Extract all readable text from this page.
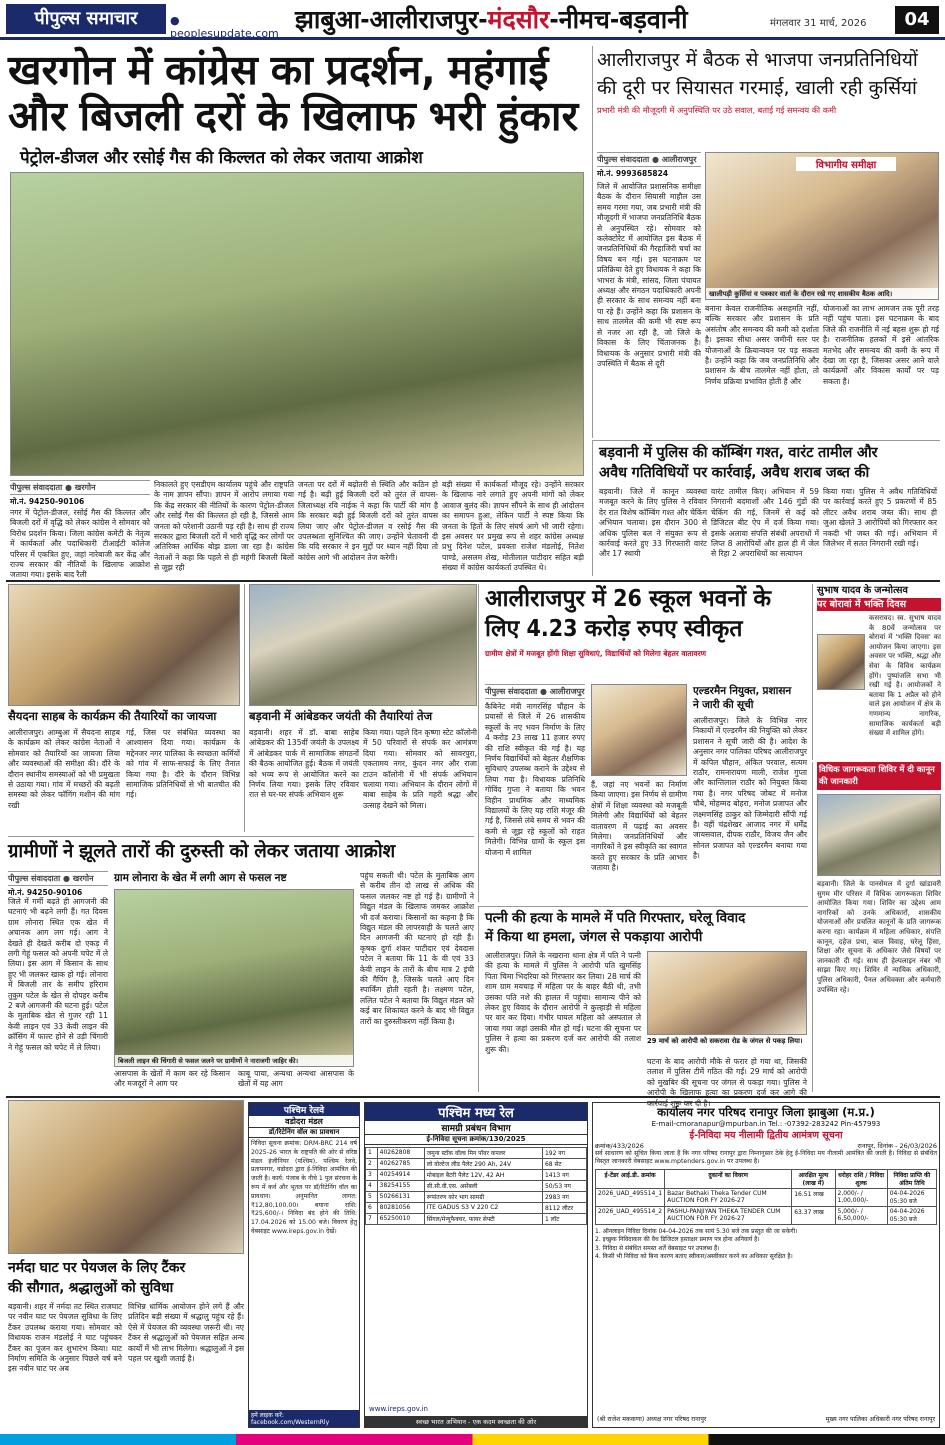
पीपुल्स समाचार	● peoplesupdate.com झाबुआ-आलीराजपुर-मंदसौर-नीमच-बड़वानी	मंगलवार 31 मार्च, 2026	04
खरगोन में कांग्रेस का प्रदर्शन, महंगाई
और बिजली दरों के खिलाफ भरी हुंकार
पेट्रोल-डीजल और रसोई गैस की किल्लत को लेकर जताया आक्रोश
पीपुल्स संवाददाता ● खरगोन
मो.नं. 94250-90106
नगर में पेट्रोल-डीजल, रसोई गैस की किल्लत और बिजली दरों में वृद्धि को लेकर कांग्रेस ने सोमवार को विरोध प्रदर्शन किया। जिला कांग्रेस कमेटी के नेतृत्व में कार्यकर्ता और पदाधिकारी टीआईटी कॉलेज परिसर में एकत्रित हुए, जहां नारेबाजी कर केंद्र और राज्य सरकार की नीतियों के खिलाफ आक्रोश जताया गया। इसके बाद रैली
निकालते हुए एसडीएम कार्यालय पहुंचे और राष्ट्रपति के नाम ज्ञापन सौंपा। ज्ञापन में आरोप लगाया गया कि केंद्र सरकार की नीतियों के कारण पेट्रोल-डीजल और रसोई गैस की किल्लत हो रही है, जिससे आम जनता को परेशानी उठानी पड़ रही है। साथ ही राज्य सरकार द्वारा बिजली दरों में भारी वृद्धि कर लोगों पर अतिरिक्त आर्थिक बोझ डाला जा रहा है। कांग्रेस नेताओं ने कहा कि पहले से ही महंगी बिजली बिलों से जूझ रही
जनता पर दरों में बढ़ोतरी से स्थिति और कठिन हो गई है। बढ़ी हुई बिजली दरों को तुरंत लें वापस- जिलाध्यक्ष रवि नाईक ने कहा कि पार्टी की मांग है कि सरकार बढ़ी हुई बिजली दरों को तुरंत वापस लिया जाए और पेट्रोल-डीजल व रसोई गैस की उपलब्धता सुनिश्चित की जाए। उन्होंने चेतावनी दी कि यदि सरकार ने इन मुद्दों पर ध्यान नहीं दिया तो कांग्रेस आगे भी आंदोलन तेज करेगी।
बड़ी संख्या में कार्यकर्ता मौजूद रहे। उन्होंने सरकार के खिलाफ नारे लगाते हुए अपनी मांगों को लेकर आवाज बुलंद की। ज्ञापन सौंपने के साथ ही आंदोलन का समापन हुआ, लेकिन पार्टी ने स्पष्ट किया कि जनता के हितों के लिए संघर्ष आगे भी जारी रहेगा। इस अवसर पर प्रमुख रूप से शहर कांग्रेस अध्यक्ष प्रभु दिनेश पटेल, प्रवक्ता राजेश मंडलोई, नितेश पाण्डे, असलम शेख, मोतीलाल पाटीदार सहित बड़ी संख्या में कांग्रेस कार्यकर्ता उपस्थित थे।
आलीराजपुर में बैठक से भाजपा जनप्रतिनिधियों
की दूरी पर सियासत गरमाई, खाली रही कुर्सियां
प्रभारी मंत्री की मौजूदगी में अनुपस्थिति पर उठे सवाल, बताई गई समन्वय की कमी
पीपुल्स संवाददाता ● आलीराजपुर
मो.नं. 9993685824
जिले में आयोजित प्रशासनिक समीक्षा बैठक के दौरान सियासी माहौल उस समय गरमा गया, जब प्रभारी मंत्री की मौजूदगी में भाजपा जनप्रतिनिधि बैठक से अनुपस्थित रहे। सोमवार को कलेक्टोरेट में आयोजित इस बैठक में जनप्रतिनिधियों की गैरहाजिरी चर्चा का विषय बन गई। इस घटनाक्रम पर प्रतिक्रिया देते हुए विधायक ने कहा कि भाभरा के मंत्री, सांसद, जिला पंचायत अध्यक्ष और संगठन पदाधिकारी अपनी ही सरकार के साथ समन्वय नहीं बना पा रहे हैं। उन्होंने कहा कि प्रशासन के साथ तालमेल की कमी भी स्पष्ट रूप से नजर आ रही है, जो जिले के विकास के लिए चिंताजनक है। विधायक के अनुसार प्रभारी मंत्री की उपस्थिति में बैठक से दूरी
विभागीय समीक्षा
खालीपड़ी कुर्सियां व पत्रकार वार्ता के दौरान रखे गए शासकीय बैठक आदि।
बनाना केवल राजनीतिक असहमति नहीं, बल्कि सरकार और प्रशासन के प्रति असंतोष और समन्वय की कमी को दर्शाता है। इसका सीधा असर जमीनी स्तर पर योजनाओं के क्रियान्वयन पर पड़ सकता है। उन्होंने कहा कि जब जनप्रतिनिधि और प्रशासन के बीच तालमेल नहीं होता, तो निर्णय प्रक्रिया प्रभावित होती है और
योजनाओं का लाभ आमजन तक पूरी तरह नहीं पहुंच पाता। इस घटनाक्रम के बाद जिले की राजनीति में नई बहस शुरू हो गई है। राजनीतिक हलकों में इसे आंतरिक मतभेद और समन्वय की कमी के रूप में देखा जा रहा है, जिसका असर आने वाले कार्यक्रमों और विकास कार्यों पर पड़ सकता है।
बड़वानी में पुलिस की कॉम्बिंग गश्त, वारंट तामील और
अवैध गतिविधियों पर कार्रवाई, अवैध शराब जब्त की
बड़वानी। जिले में कानून व्यवस्था मजबूत करने के लिए पुलिस ने रविवार देर रात विशेष कॉम्बिंग गश्त और चेकिंग अभियान चलाया। इस दौरान 300 से अधिक पुलिस बल ने संयुक्त रूप से कार्रवाई करते हुए 33 गिरफ्तारी वारंट और 17 स्थायी
वारंट तामील किए। अभियान में 59 निगरानी बदमाशों और 146 गुंडों की चेकिंग की गई, जिनमें से कई को डिजिटल बीट ऐप में दर्ज किया गया। इसके अलावा संपत्ति संबंधी अपराधों में लिप्त 8 आरोपियों और हाल ही में जेल से रिहा 2 अपराधियों का सत्यापन
किया गया। पुलिस ने अवैध गतिविधियों पर कार्रवाई करते हुए 5 प्रकरणों में 85 लीटर अवैध शराब जब्त की। साथ ही जुआ खेलते 3 आरोपियों को गिरफ्तार कर नकदी भी जब्त की गई। अभियान में जिलेभर में सतत निगरानी रखी गई।
सैयदना साहब के कार्यक्रम की तैयारियों का जायजा
आलीराजपुर। आम्बुआ में सैयदना साहब के कार्यक्रम को लेकर कांग्रेस नेताओं ने सोमवार को तैयारियों का जायजा लिया और व्यवस्थाओं की समीक्षा की। दौरे के दौरान स्थानीय समस्याओं को भी प्रमुखता से उठाया गया। गांव में मच्छरों की बढ़ती समस्या को लेकर फॉगिंग मशीन की मांग रखी
गई, जिस पर संबंधित व्यवस्था का आश्वासन दिया गया। कार्यक्रम के मद्देनजर नगर पालिका के स्वच्छता कर्मियों को गांव में साफ-सफाई के लिए तैनात किया गया है। दौरे के दौरान विभिन्न सामाजिक प्रतिनिधियों से भी बातचीत की गई।
बड़वानी में आंबेडकर जयंती की तैयारियां तेज
बड़वानी। शहर में डॉ. बाबा साहेब आंबेडकर की 135वीं जयंती के उपलक्ष्य में आंबेडकर पार्क में सामाजिक संगठनों की बैठक आयोजित हुई। बैठक में जयंती को भव्य रूप से आयोजित करने का निर्णय लिया गया। इसके लिए रविवार रात से घर-घर संपर्क अभियान शुरू
किया गया। पहले दिन कृष्णा स्टेट कॉलोनी में 50 परिवारों से संपर्क कर आमंत्रण दिया गया। सोमवार को सावरपुरा, एकतामय नगर, कुंदन नगर और राजा टाउन कॉलोनी में भी संपर्क अभियान चलाया गया। अभियान के दौरान लोगों में बाबा साहेब के प्रति गहरी श्रद्धा और उत्साह देखने को मिला।
आलीराजपुर में 26 स्कूल भवनों के
लिए 4.23 करोड़ रुपए स्वीकृत
ग्रामीण क्षेत्रों में मजबूत होंगी शिक्षा सुविधाएं, विद्यार्थियों को मिलेगा बेहतर वातावरण
पीपुल्स संवाददाता ● आलीराजपुर
कैबिनेट मंत्री नागरसिंह चौहान के प्रयासों से जिले में 26 शासकीय स्कूलों के नए भवन निर्माण के लिए 4 करोड़ 23 लाख 11 हजार रुपए की राशि स्वीकृत की गई है। यह निर्णय विद्यार्थियों को बेहतर शैक्षणिक सुविधाएं उपलब्ध कराने के उद्देश्य से लिया गया है। विधायक प्रतिनिधि गोविंद गुप्ता ने बताया कि भवन विहीन प्राथमिक और माध्यमिक विद्यालयों के लिए यह राशि मंजूर की गई है, जिससे लंबे समय से भवन की कमी से जूझ रहे स्कूलों को राहत मिलेगी। विभिन्न ग्रामों के स्कूल इस योजना में शामिल
हैं, जहां नए भवनों का निर्माण किया जाएगा। इस निर्णय से ग्रामीण क्षेत्रों में शिक्षा व्यवस्था को मजबूती मिलेगी और विद्यार्थियों को बेहतर वातावरण में पढ़ाई का अवसर मिलेगा। जनप्रतिनिधियों और नागरिकों ने इस स्वीकृति का स्वागत करते हुए सरकार के प्रति आभार जताया है।
एल्डरमैन नियुक्त, प्रशासन
ने जारी की सूची
आलीराजपुर। जिले के विभिन्न नगर निकायों में एल्डरमैन की नियुक्ति को लेकर प्रशासन ने सूची जारी की है। आदेश के अनुसार नगर पालिका परिषद आलीराजपुर में कपिल चौहान, अंकित परवाल, सत्यम राठौर, रामनारायण माली, राजेश गुप्ता और कान्तिलाल राठौर को नियुक्त किया गया है। नगर परिषद जोबट में मनोज चौबे, मोहम्मद बोहरा, मनोज प्रजापत और लक्ष्मणसिंह ठाकुर को जिम्मेदारी सौंपी गई है। वहीं चंद्रशेखर आजाद नगर में धर्मेंद्र जायसवाल, दीपक राठौर, विजय जैन और सोनल प्रजापत को एल्डरमैन बनाया गया है।
सुभाष यादव के जन्मोत्सव
पर बोरावां में भक्ति दिवस
कसरावद। स्व. सुभाष यादव के 80वें जन्मोत्सव पर बोरावां में 'भक्ति दिवस' का आयोजन किया जाएगा। इस अवसर पर भक्ति, श्रद्धा और सेवा के विविध कार्यक्रम होंगे। पुष्पांजलि सभा भी रखी गई है। आयोजकों ने बताया कि 1 अप्रैल को होने वाले इस आयोजन में क्षेत्र के गणमान्य नागरिक, सामाजिक कार्यकर्ता बड़ी संख्या में शामिल होंगे।
विधिक जागरूकता शिविर में दी कानून की जानकारी
बड़वानी। जिले के पानसेमल में दुर्गा खांडावरी सुगम मीर परिसर में विधिक जागरूकता शिविर आयोजित किया गया। शिविर का उद्देश्य आम नागरिकों को उनके अधिकारों, शासकीय योजनाओं और प्रचलित कानूनों के प्रति जागरूक करना रहा। कार्यक्रम में महिला अधिकार, संपत्ति कानून, दहेज प्रथा, बाल विवाह, घरेलू हिंसा, शिक्षा और सूचना के अधिकार जैसे विषयों पर जानकारी दी गई। साथ ही हेल्पलाइन नंबर भी साझा किए गए। शिविर में न्यायिक अधिकारी, पुलिस अधिकारी, पैनल अधिवक्ता और कर्मचारी उपस्थित रहे।
ग्रामीणों ने झूलते तारों की दुरुस्ती को लेकर जताया आक्रोश
पीपुल्स संवाददाता ● खरगोन
मो.नं. 94250-90106
जिले में गर्मी बढ़ते ही आगजनी की घटनाएं भी बढ़ने लगी हैं। गत दिवस ग्राम लोनारा स्थित एक खेत में अचानक आग लग गई। आग ने देखते ही देखते करीब दो एकड़ में लगी गेहूं फसल को अपनी चपेट में ले लिया। इस आग में किसान के साथ हुए भी जलकर खाक हो गई। लोनारा में बिजली तार के समीप हरिराम तुकुम पटेल के खेत से दोपहर करीब 2 बजे आगजनी की घटना हुई। पटेल के मुताबिक खेत से गुजर रही 11 केवी लाइन एवं 33 केवी लाइन की क्रॉसिंग में फाल्ट होने से उड़ी चिंगारी ने गेहूं फसल को चपेट में ले लिया।
ग्राम लोनारा के खेत में लगी आग से फसल नष्ट
बिजली लाइन की चिंगारी से फसल जलने पर ग्रामीणों ने नाराजगी जाहिर की।
आसपास के खेतों में काम कर रहे किसान और मजदूरों ने आग पर
काबू पाया, अन्यथा अन्यथा आसपास के खेतों में यह आग
पहुंच सकती थी। पटेल के मुताबिक आग से करीब तीन दो लाख से अधिक की फसल जलकर नष्ट हो गई है। ग्रामीणों ने विद्युत मंडल के खिलाफ जमकर आक्रोश भी दर्ज कराया। किसानों का कहना है कि विद्युत मंडल की लापरवाही के चलते आए दिन आगजनी की घटनाएं हो रही हैं। कृषक दुर्गा शंकर पाटीदार एवं देवदास पटेल ने बताया कि 11 के वी एवं 33 केवी लाइन के तारों के बीच मात्र 2 इंची की गैपिंग है, जिसके चलते आए दिन स्पार्किंग होती रहती है। लक्ष्मण पटेल, ललित पटेल ने बताया कि विद्युत मंडल को कई बार शिकायत करने के बाद भी विद्युत तारों का दुरुस्तीकरण नहीं किया है।
पत्नी की हत्या के मामले में पति गिरफ्तार, घरेलू विवाद
में किया था हमला, जंगल से पकड़ाया आरोपी
आलीराजपुर। जिले के नखराना थाना क्षेत्र में पति ने पत्नी की हत्या के मामले में पुलिस ने आरोपी पति खुमसिंह पिता चिमा भिदरिया को गिरफ्तार कर लिया। 28 मार्च की शाम ग्राम मयचाड़ में महिला पर के बाहर बैठी थी, तभी उसका पति नशे की हालत में पहुंचा। सामान्य पीने को लेकर हुए विवाद के दौरान आरोपी ने कुल्हाड़ी से महिला पर वार कर दिया। गंभीर घायल महिला को अस्पताल ले जाया गया जहां उसकी मौत हो गई। घटना की सूचना पर पुलिस ने हत्या का प्रकरण दर्ज कर आरोपी की तलाश शुरू की।
29 मार्च को आरोपी को सकरावा रोड के जंगल से पकड़ लिया।
घटना के बाद आरोपी मौके से फरार हो गया था, जिसकी तलाश में पुलिस टीमें गठित की गईं। 29 मार्च को आरोपी को मुखबिर की सूचना पर जंगल से पकड़ा गया। पुलिस ने आरोपी के खिलाफ हत्या का प्रकरण दर्ज कर आगे की कार्रवाई शुरू कर दी है।
नर्मदा घाट पर पेयजल के लिए टैंकर
की सौगात, श्रद्धालुओं को सुविधा
बड़वानी। शहर में नर्मदा तट स्थित राजघाट पर नवीन घाट पर पेयजल सुविधा के लिए टैंकर उपलब्ध कराया गया। सोमवार को विधायक राजन मंडलोई ने घाट पहुंचकर टैंकर का पूजन कर शुभारंभ किया। घाट निर्माण समिति के अनुसार पिछले वर्ष बने इस नवीन घाट पर अब
विभिन्न धार्मिक आयोजन होने लगे हैं और प्रतिदिन बड़ी संख्या में श्रद्धालु पहुंच रहे हैं। ऐसे में पेयजल की व्यवस्था जरूरी थी। नए टैंकर से श्रद्धालुओं को पेयजल सहित अन्य कार्यों में भी लाभ मिलेगा। श्रद्धालुओं ने इस पहल पर खुशी जताई है।
पश्चिम रेलवे
वडोदरा मंडल
डॉ/रिटेनिंग वॉल का प्रावधान
निविदा सूचना क्रमांक: DRM-BRC 214 वर्ष 2025-26 भारत के राष्ट्रपति की ओर से वरिष्ठ मंडल इंजीनियर (पश्चिम), पश्चिम रेलवे, प्रतापनगर, वडोदरा द्वारा ई-निविदा आमंत्रित की जाती है। कार्य: पंजाब के नीचे 1 पुल संरचना के रूप में कर्व और भूतल पर डॉ/रिटेनिंग वॉल का प्रावधान। अनुमानित लागत: ₹12,80,100.00। बयाना राशि: ₹25,600/-। निविदा बंद होने की तिथि: 17.04.2026 को 15.00 बजे। विवरण हेतु वेबसाइट www.ireps.gov.in देखें।
हमें लाइक करें: facebook.com/WesternRly
पश्चिम मध्य रेल
सामग्री प्रबंधन विभाग
ई-निविदा सूचना क्रमांक/130/2025
1	40262808	जमुना स्टॉक वॉल्व मिन पॉवर कपलर	192 नग
2	40262785	लो वोल्टेज लीड पैलेट 290 Ah, 24V	68 सेट
3	40254914	मोबाइल बैटरी पैलेट 12V, 42 AH	1413 नग
4	38254155	सी.सी.वी.एस. असेंबली	50/53 नग
5	50266131	रूपांतरण कोर भाग सामग्री	2983 नग
6	80281056	ITE GADUS S3 V 220 C2	8112 लीटर
7	65250010	सिंगल/मेन्युफैक्चर, फायर सेफ्टी	1 लॉट
www.ireps.gov.in
स्वच्छ भारत अभियान - एक कदम स्वच्छता की ओर
कार्यालय नगर परिषद रानापुर जिला झाबुआ (म.प्र.)
E-mail-cmoranapur@mpurban.in Tel.: -07392-283242 Pin-457993
ई-निविदा मय नीलामी द्वितीय आमंत्रण सूचना
क्रमांक/433/2026	रानापुर, दिनांक - 26/03/2026
सर्व साधारण को सूचित किया जाता है कि नगर परिषद रानापुर द्वारा निम्नानुसार ठेके हेतु ई-निविदा मय नीलामी आमंत्रित की जाती है। निविदा से संबंधित विस्तृत जानकारी वेबसाइट www.mptenders.gov.in पर उपलब्ध है।
ई-टेंडर आई.डी. क्रमांक	दुकानों का विवरण	आरक्षित मूल्य (लाख में)	धरोहर राशि / निविदा शुल्क	निविदा प्राप्ति की अंतिम तिथि
2026_UAD_495514_1	Bazar Bethaki Theka Tender CUM AUCTION FOR FY 2026-27	16.51 लाख	2,000/- / 1,00,000/-	04-04-2026 05:30 बजे
2026_UAD_495514_2	PASHU-PANJIYAN THEKA TENDER CUM AUCTION FOR FY 2026-27	63.37 लाख	5,000/- / 6,50,000/-	04-04-2026 05:30 बजे
1. ऑनलाइन निविदा दिनांक 04-04-2026 तक सायं 5.30 बजे तक प्रस्तुत की जा सकेगी।
2. इच्छुक निविदाकार की वैध डिजिटल हस्ताक्षर प्रमाण पत्र होना अनिवार्य है।
3. निविदा से संबंधित समस्त शर्तें वेबसाइट पर उपलब्ध हैं।
4. किसी भी निविदा को बिना कारण बताए स्वीकार/अस्वीकार करने का अधिकार सुरक्षित है।
(श्री राजेश मकवाणा) अध्यक्ष नगर परिषद रानापुर	मुख्य नगर पालिका अधिकारी नगर परिषद रानापुर
